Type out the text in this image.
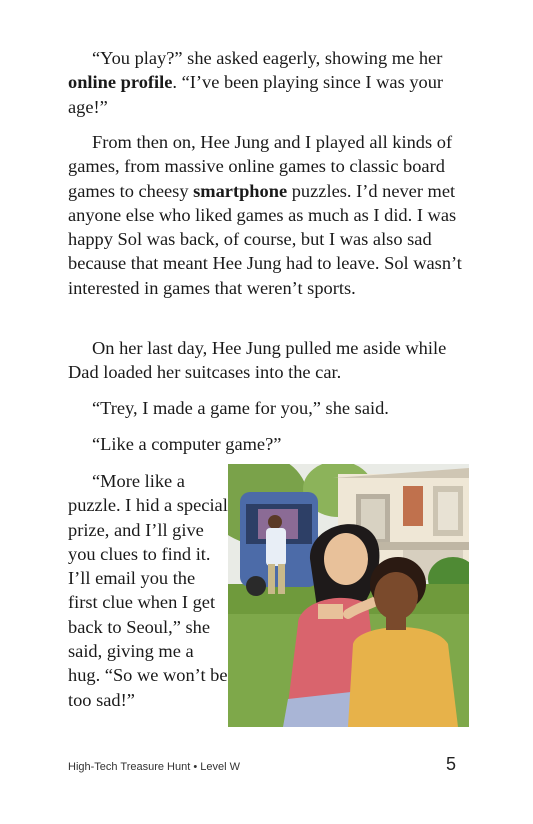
“You play?” she asked eagerly, showing me her online profile. “I’ve been playing since I was your age!”

From then on, Hee Jung and I played all kinds of games, from massive online games to classic board games to cheesy smartphone puzzles. I’d never met anyone else who liked games as much as I did. I was happy Sol was back, of course, but I was also sad because that meant Hee Jung had to leave. Sol wasn’t interested in games that weren’t sports.

On her last day, Hee Jung pulled me aside while Dad loaded her suitcases into the car.

“Trey, I made a game for you,” she said.

“Like a computer game?”

“More like a puzzle. I hid a special prize, and I’ll give you clues to find it. I’ll email you the first clue when I get back to Seoul,” she said, giving me a hug. “So we won’t be too sad!”

High-Tech Treasure Hunt • Level W	5
